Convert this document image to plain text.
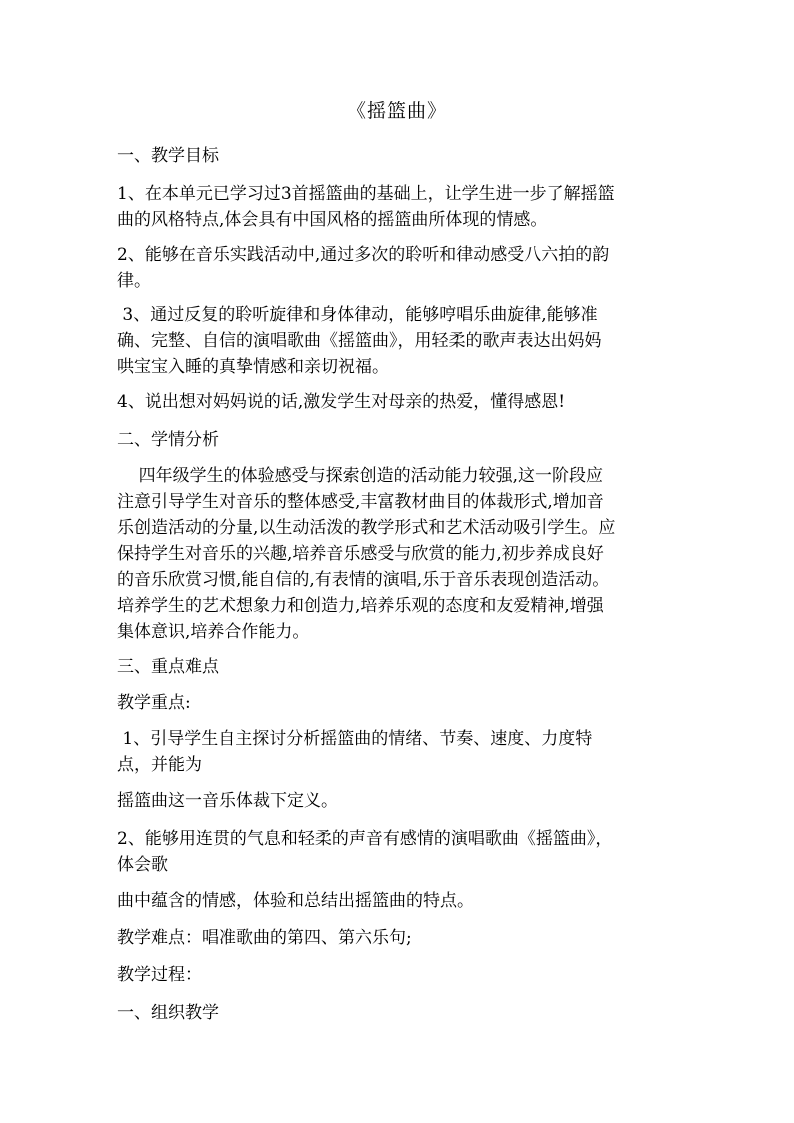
《摇篮曲》
一、教学目标
1、在本单元已学习过3首摇篮曲的基础上，让学生进一步了解摇篮
曲的风格特点,体会具有中国风格的摇篮曲所体现的情感。
2、能够在音乐实践活动中,通过多次的聆听和律动感受八六拍的韵
律。
3、通过反复的聆听旋律和身体律动，能够哼唱乐曲旋律,能够准
确、完整、自信的演唱歌曲《摇篮曲》，用轻柔的歌声表达出妈妈
哄宝宝入睡的真挚情感和亲切祝福。
4、说出想对妈妈说的话,激发学生对母亲的热爱，懂得感恩!
二、学情分析
四年级学生的体验感受与探索创造的活动能力较强,这一阶段应
注意引导学生对音乐的整体感受,丰富教材曲目的体裁形式,增加音
乐创造活动的分量,以生动活泼的教学形式和艺术活动吸引学生。应
保持学生对音乐的兴趣,培养音乐感受与欣赏的能力,初步养成良好
的音乐欣赏习惯,能自信的,有表情的演唱,乐于音乐表现创造活动。
培养学生的艺术想象力和创造力,培养乐观的态度和友爱精神,增强
集体意识,培养合作能力。
三、重点难点
教学重点:
1、引导学生自主探讨分析摇篮曲的情绪、节奏、速度、力度特
点，并能为
摇篮曲这一音乐体裁下定义。
2、能够用连贯的气息和轻柔的声音有感情的演唱歌曲《摇篮曲》，
体会歌
曲中蕴含的情感，体验和总结出摇篮曲的特点。
教学难点：唱准歌曲的第四、第六乐句;
教学过程：
一、组织教学
